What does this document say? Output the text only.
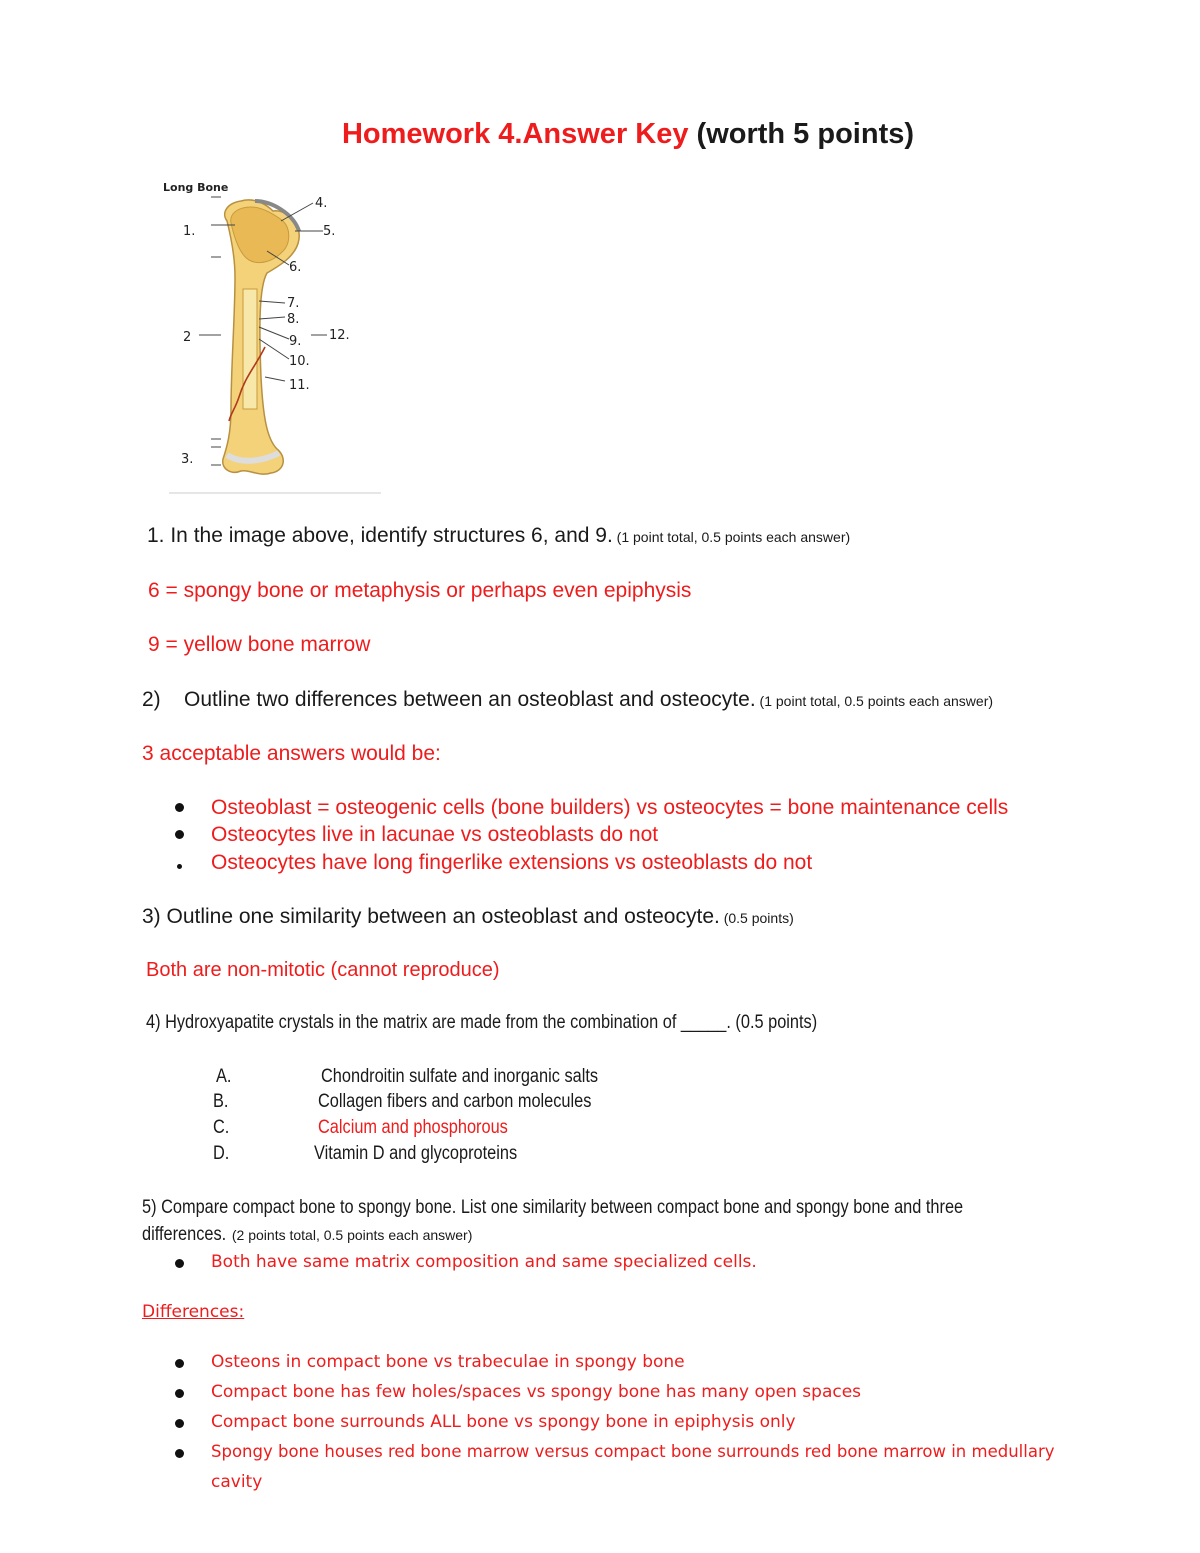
Homework 4.Answer Key (worth 5 points)
Long Bone
1.
2
3.
4.
5.
6.
7.
8.
9.
10.
11.
12.
1. In the image above, identify structures 6, and 9. (1 point total, 0.5 points each answer)
6 = spongy bone or metaphysis or perhaps even epiphysis
9 = yellow bone marrow
2)    Outline two differences between an osteoblast and osteocyte. (1 point total, 0.5 points each answer)
3 acceptable answers would be:
Osteoblast = osteogenic cells (bone builders) vs osteocytes = bone maintenance cells
Osteocytes live in lacunae vs osteoblasts do not
Osteocytes have long fingerlike extensions vs osteoblasts do not
3) Outline one similarity between an osteoblast and osteocyte. (0.5 points)
Both are non-mitotic (cannot reproduce)
4) Hydroxyapatite crystals in the matrix are made from the combination of _____. (0.5 points)
A.	Chondroitin sulfate and inorganic salts
B.	Collagen fibers and carbon molecules
C.	Calcium and phosphorous
D.	Vitamin D and glycoproteins
5) Compare compact bone to spongy bone. List one similarity between compact bone and spongy bone and three
differences. (2 points total, 0.5 points each answer)
Both have same matrix composition and same specialized cells.
Differences:
Osteons in compact bone vs trabeculae in spongy bone
Compact bone has few holes/spaces vs spongy bone has many open spaces
Compact bone surrounds ALL bone vs spongy bone in epiphysis only
Spongy bone houses red bone marrow versus compact bone surrounds red bone marrow in medullary
cavity
